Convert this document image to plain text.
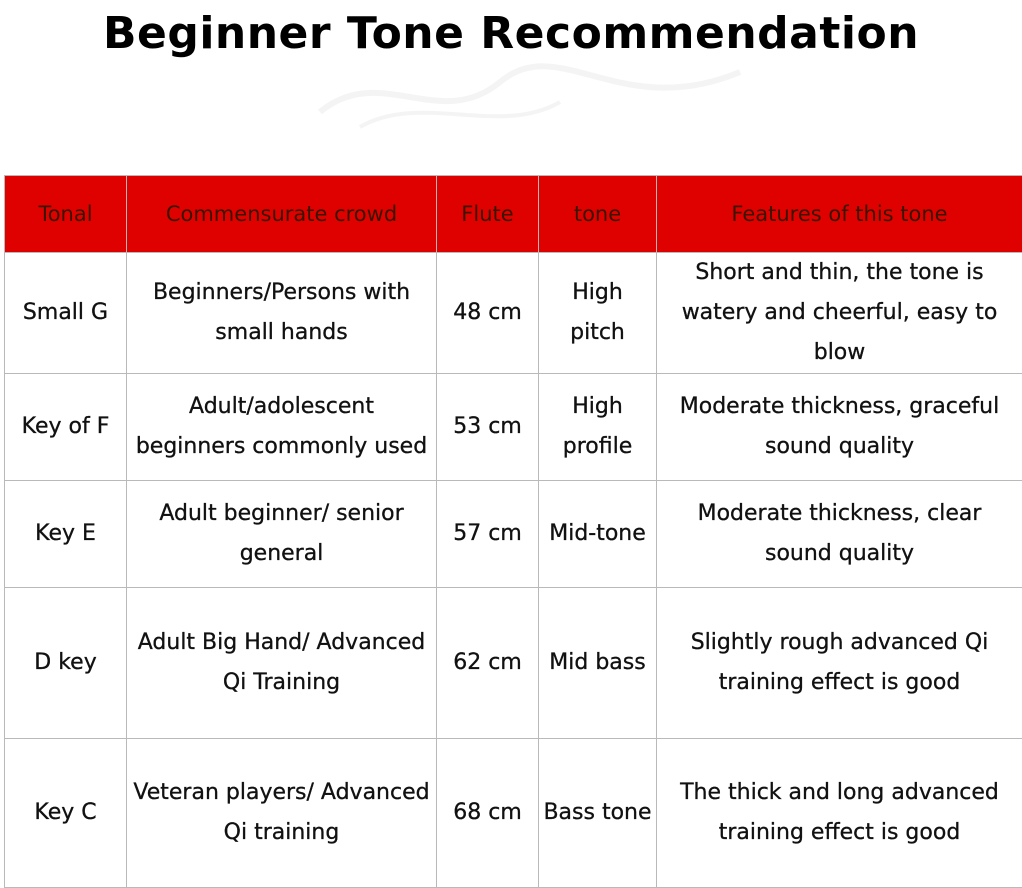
Beginner Tone Recommendation
Tonal	Commensurate crowd	Flute	tone	Features of this tone
Small G	Beginners/Persons with small hands	48 cm	High pitch	Short and thin, the tone is watery and cheerful, easy to blow
Key of F	Adult/adolescent beginners commonly used	53 cm	High profile	Moderate thickness, graceful sound quality
Key E	Adult beginner/ senior general	57 cm	Mid-tone	Moderate thickness, clear sound quality
D key	Adult Big Hand/ Advanced Qi Training	62 cm	Mid bass	Slightly rough advanced Qi training effect is good
Key C	Veteran players/ Advanced Qi training	68 cm	Bass tone	The thick and long advanced training effect is good
